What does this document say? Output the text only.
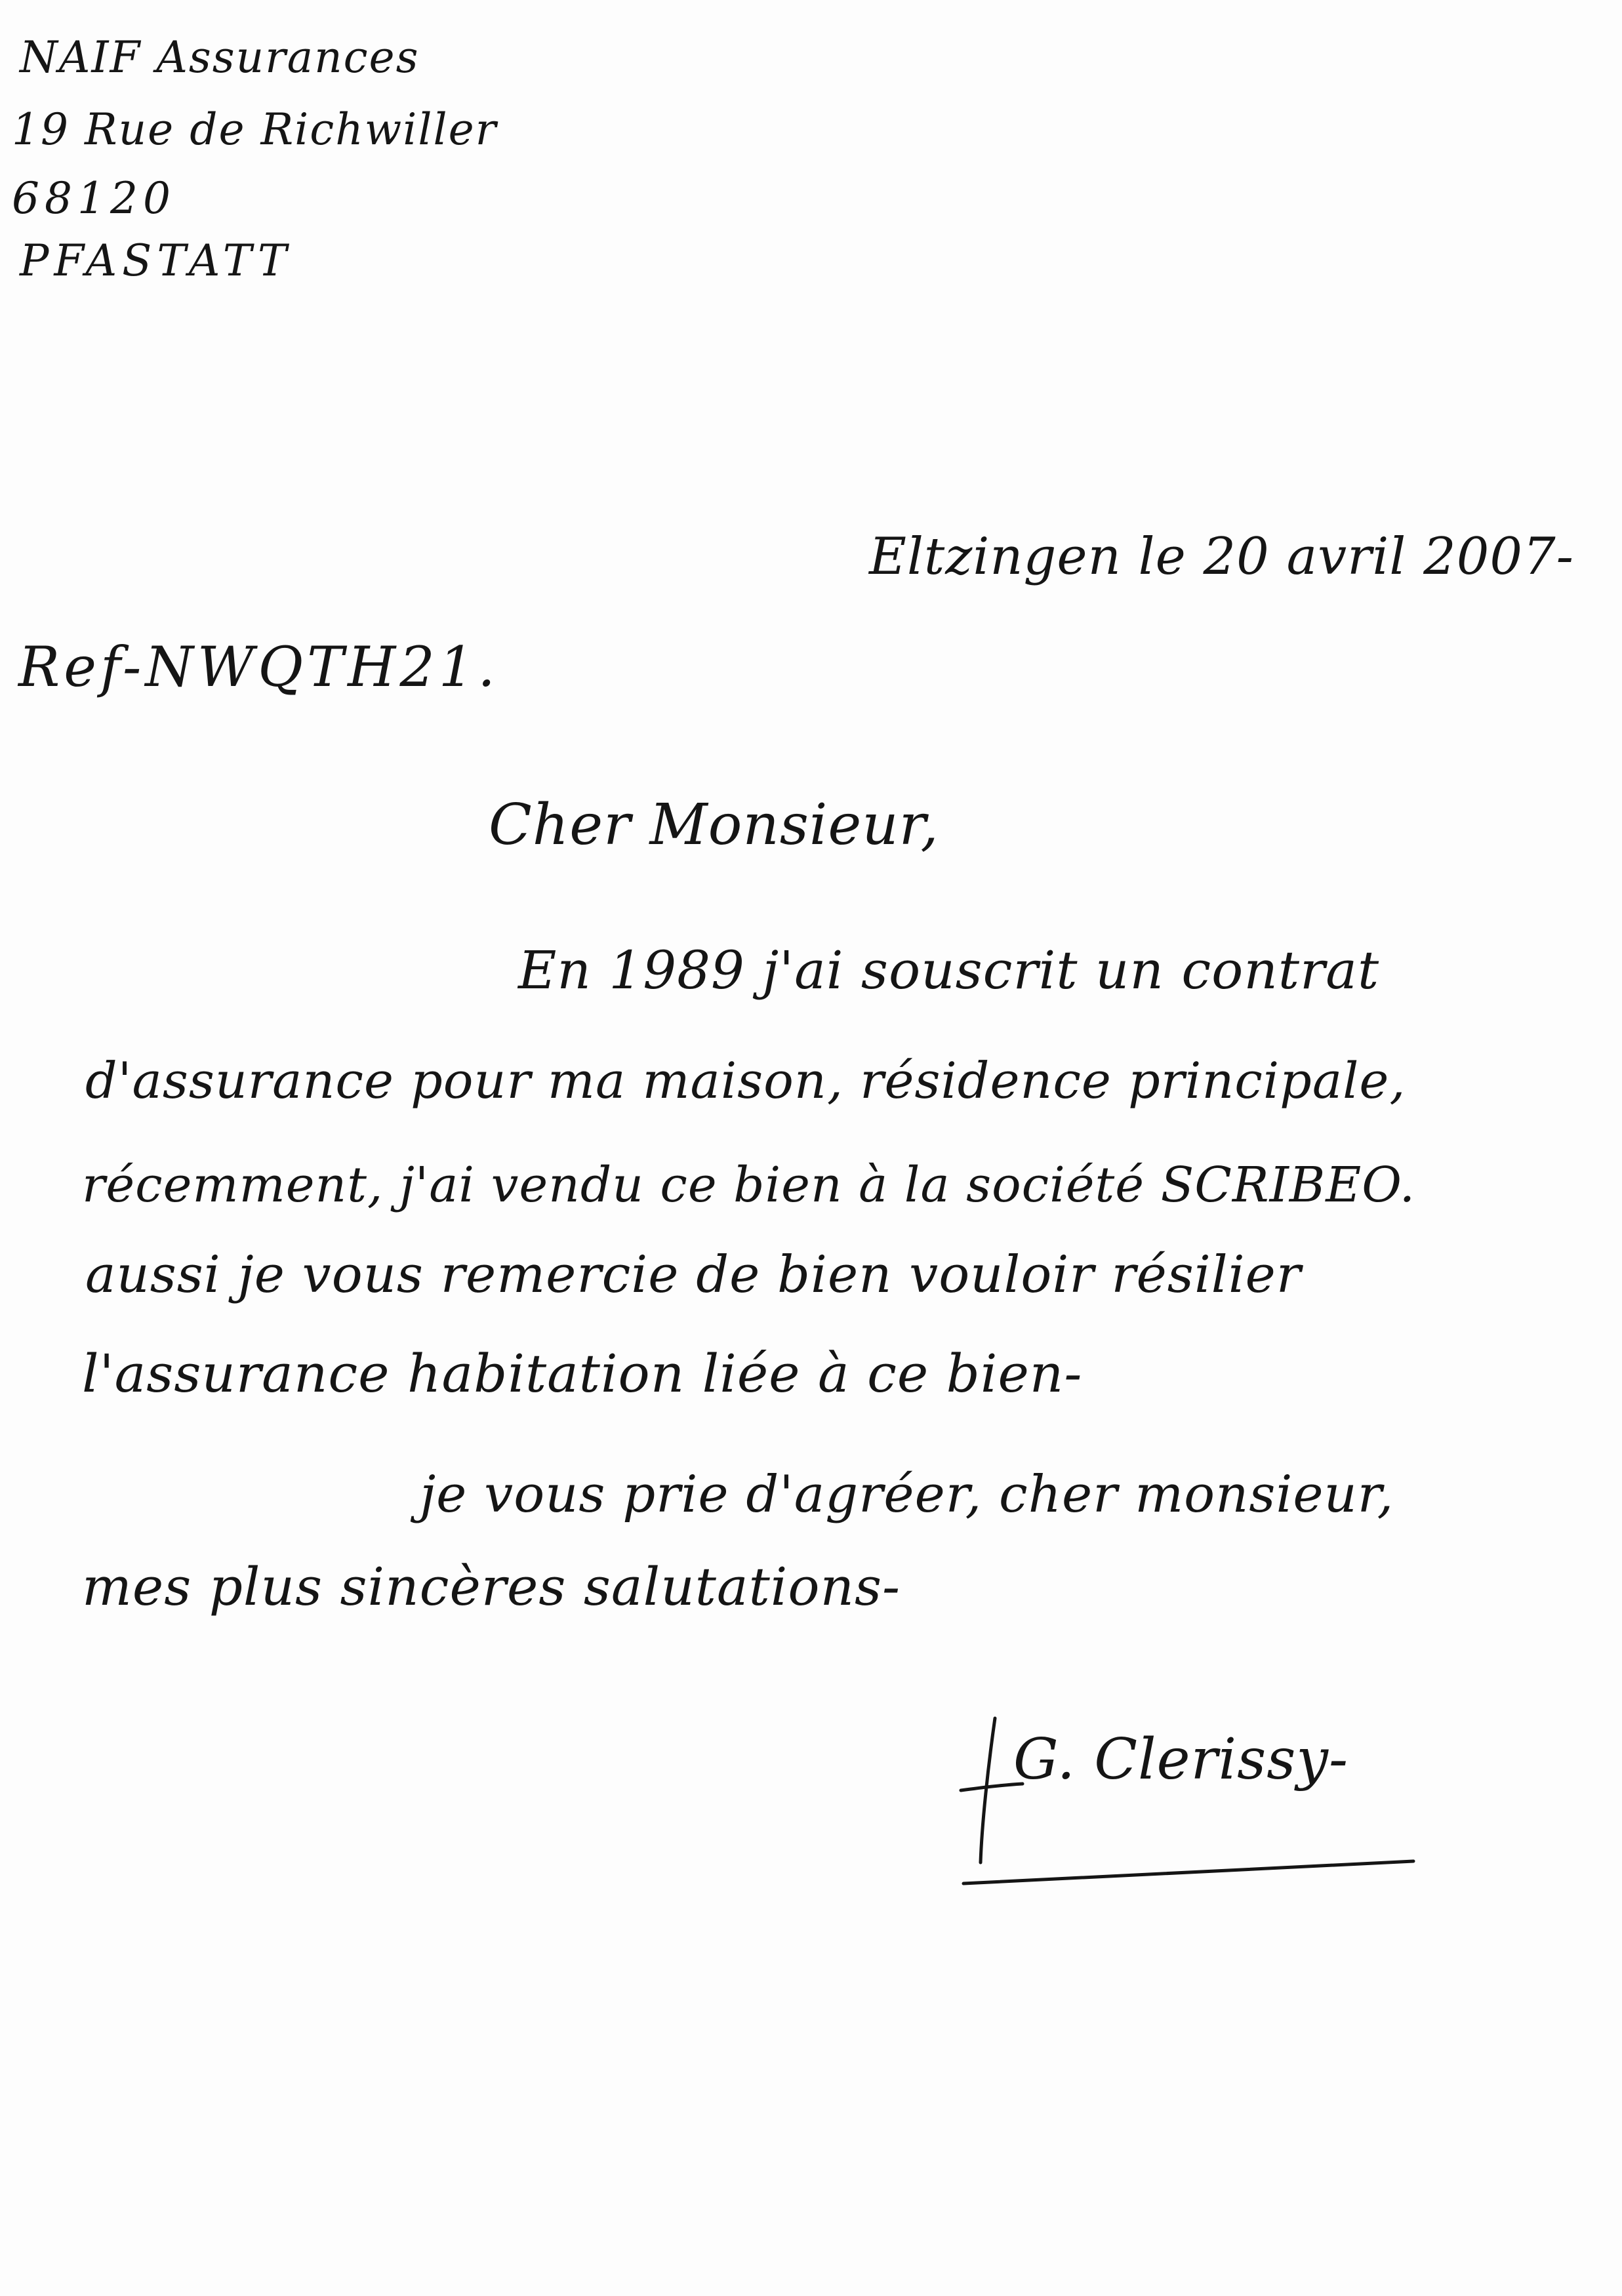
NAIF Assurances
19 Rue de Richwiller
68120
PFASTATT
Eltzingen le 20 avril 2007-
Ref-NWQTH21.
Cher Monsieur,
En 1989 j'ai souscrit un contrat
d'assurance pour ma maison, résidence principale,
récemment, j'ai vendu ce bien à la société SCRIBEO.
aussi je vous remercie de bien vouloir résilier
l'assurance habitation liée à ce bien-
je vous prie d'agréer, cher monsieur,
mes plus sincères salutations-
G. Clerissy-
